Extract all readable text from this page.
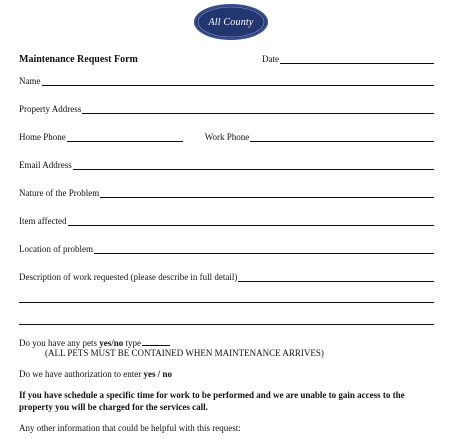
All County
Maintenance Request Form	Date
Name
Property Address
Home Phone	Work Phone
Email Address
Nature of the Problem
Item affected
Location of problem
Description of work requested (please describe in full detail)
Do you have any pets yes/no type
(ALL PETS MUST BE CONTAINED WHEN MAINTENANCE ARRIVES)
Do we have authorization to enter yes / no
If you have schedule a specific time for work to be performed and we are unable to gain access to the property you will be charged for the services call.
Any other information that could be helpful with this request:
